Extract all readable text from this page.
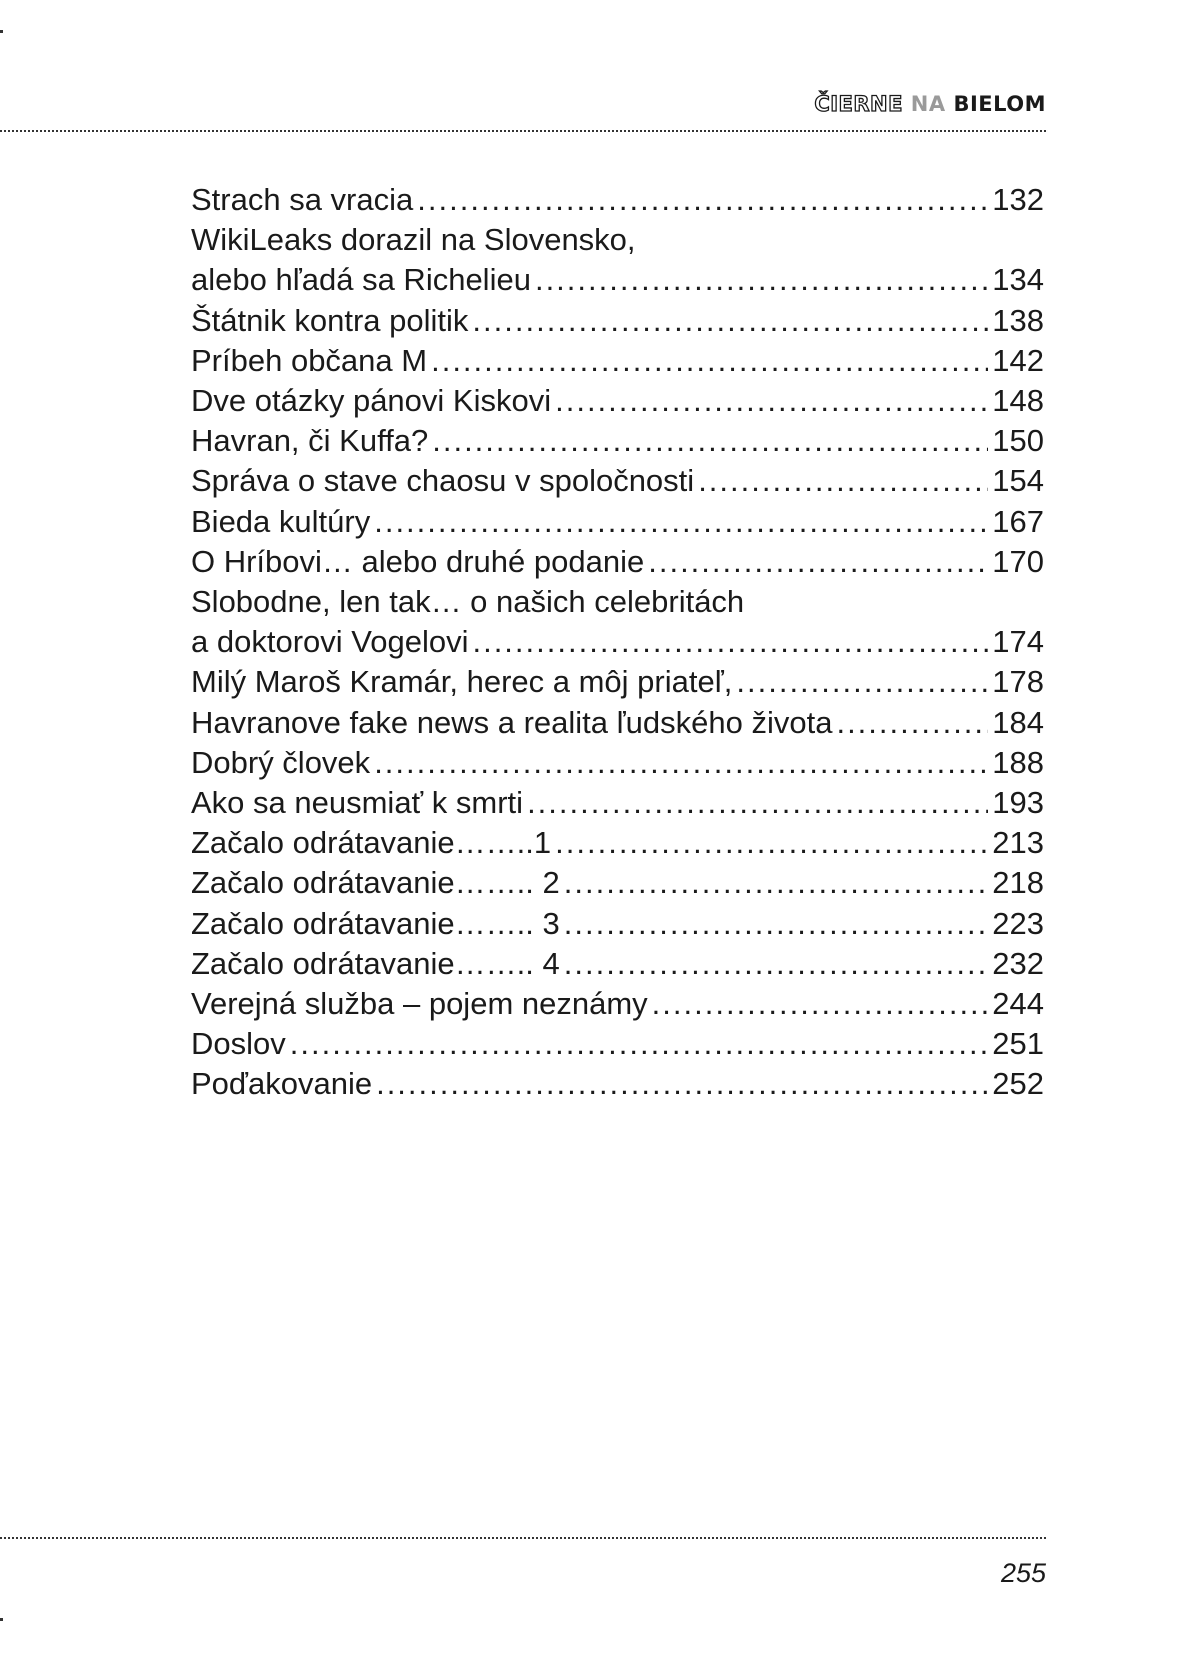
ČIERNE NA BIELOM
Strach sa vracia .....	132
WikiLeaks dorazil na Slovensko,
alebo hľadá sa Richelieu .....	134
Štátnik kontra politik .....	138
Príbeh občana M .....	142
Dve otázky pánovi Kiskovi .....	148
Havran, či Kuffa? .....	150
Správa o stave chaosu v spoločnosti .....	154
Bieda kultúry .....	167
O Hríbovi… alebo druhé podanie .....	170
Slobodne, len tak… o našich celebritách
a doktorovi Vogelovi .....	174
Milý Maroš Kramár, herec a môj priateľ, .....	178
Havranove fake news a realita ľudského života .....	184
Dobrý človek .....	188
Ako sa neusmiať k smrti .....	193
Začalo odrátavanie……..1 .....	213
Začalo odrátavanie…….. 2 .....	218
Začalo odrátavanie…….. 3 .....	223
Začalo odrátavanie…….. 4 .....	232
Verejná služba – pojem neznámy .....	244
Doslov .....	251
Poďakovanie .....	252
255
